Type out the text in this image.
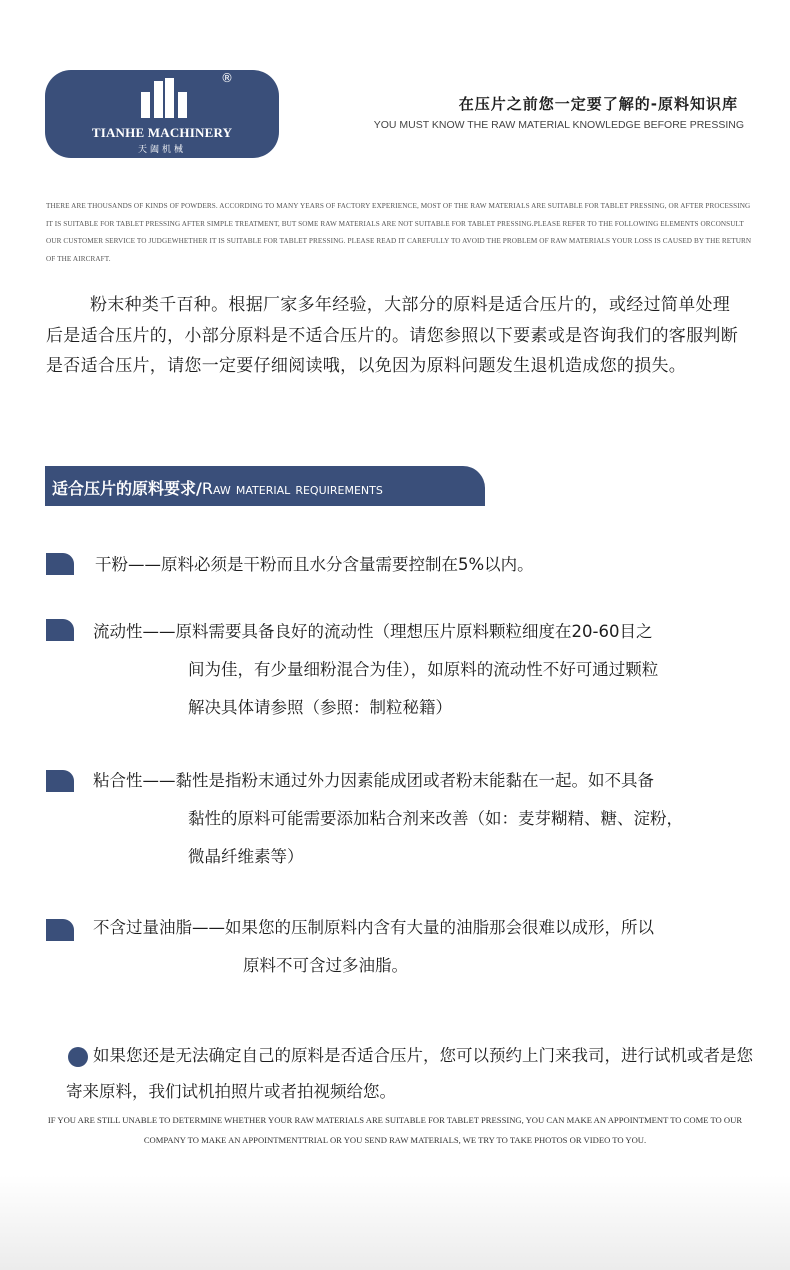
®
TIANHE MACHINERY
天阖机械
在压片之前您一定要了解的-原料知识库
YOU MUST KNOW THE RAW MATERIAL KNOWLEDGE BEFORE PRESSING
THERE ARE THOUSANDS OF KINDS OF POWDERS. ACCORDING TO MANY YEARS OF FACTORY EXPERIENCE, MOST OF THE RAW MATERIALS ARE SUITABLE FOR TABLET PRESSING, OR AFTER PROCESSING IT IS SUITABLE FOR TABLET PRESSING AFTER SIMPLE TREATMENT, BUT SOME RAW MATERIALS ARE NOT SUITABLE FOR TABLET PRESSING.PLEASE REFER TO THE FOLLOWING ELEMENTS ORCONSULT OUR CUSTOMER SERVICE TO JUDGEWHETHER IT IS SUITABLE FOR TABLET PRESSING. PLEASE READ IT CAREFULLY TO AVOID THE PROBLEM OF RAW MATERIALS YOUR LOSS IS CAUSED BY THE RETURN OF THE AIRCRAFT.
粉末种类千百种。根据厂家多年经验，大部分的原料是适合压片的，或经过简单处理后是适合压片的，小部分原料是不适合压片的。请您参照以下要素或是咨询我们的客服判断是否适合压片，请您一定要仔细阅读哦，以免因为原料问题发生退机造成您的损失。
适合压片的原料要求/Raw material requirements
干粉——原料必须是干粉而且水分含量需要控制在5%以内。
流动性——原料需要具备良好的流动性（理想压片原料颗粒细度在20-60目之
间为佳，有少量细粉混合为佳），如原料的流动性不好可通过颗粒
解决具体请参照（参照：制粒秘籍）
粘合性——黏性是指粉末通过外力因素能成团或者粉末能黏在一起。如不具备
黏性的原料可能需要添加粘合剂来改善（如：麦芽糊精、糖、淀粉，
微晶纤维素等）
不含过量油脂——如果您的压制原料内含有大量的油脂那会很难以成形，所以
原料不可含过多油脂。
如果您还是无法确定自己的原料是否适合压片，您可以预约上门来我司，进行试机或者是您寄来原料，我们试机拍照片或者拍视频给您。
IF YOU ARE STILL UNABLE TO DETERMINE WHETHER YOUR RAW MATERIALS ARE SUITABLE FOR TABLET PRESSING, YOU CAN MAKE AN APPOINTMENT TO COME TO OUR COMPANY TO MAKE AN APPOINTMENTTRIAL OR YOU SEND RAW MATERIALS, WE TRY TO TAKE PHOTOS OR VIDEO TO YOU.
